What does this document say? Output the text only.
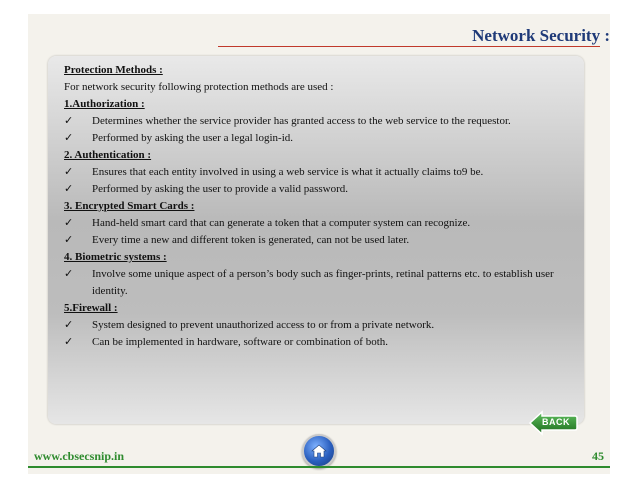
Network Security :
Protection Methods :
For network security following protection methods are used :
1.Authorization :
✓	Determines whether the service provider has granted access to the web service to the requestor.
✓	Performed by asking the user a legal login-id.
2. Authentication :
✓	Ensures that each entity involved in using a web service is what it actually claims to9 be.
✓	Performed by asking the user to provide a valid password.
3. Encrypted Smart Cards :
✓	Hand-held smart card that can generate a token that a computer system can recognize.
✓	Every time a new and different token is generated, can not be used later.
4. Biometric systems :
✓	Involve some unique aspect of a person’s body such as finger-prints, retinal patterns etc. to establish user identity.
5.Firewall :
✓	System designed to prevent unauthorized access to or from a private network.
✓	Can be implemented in hardware, software or combination of both.
BACK
www.cbsecsnip.in	45
